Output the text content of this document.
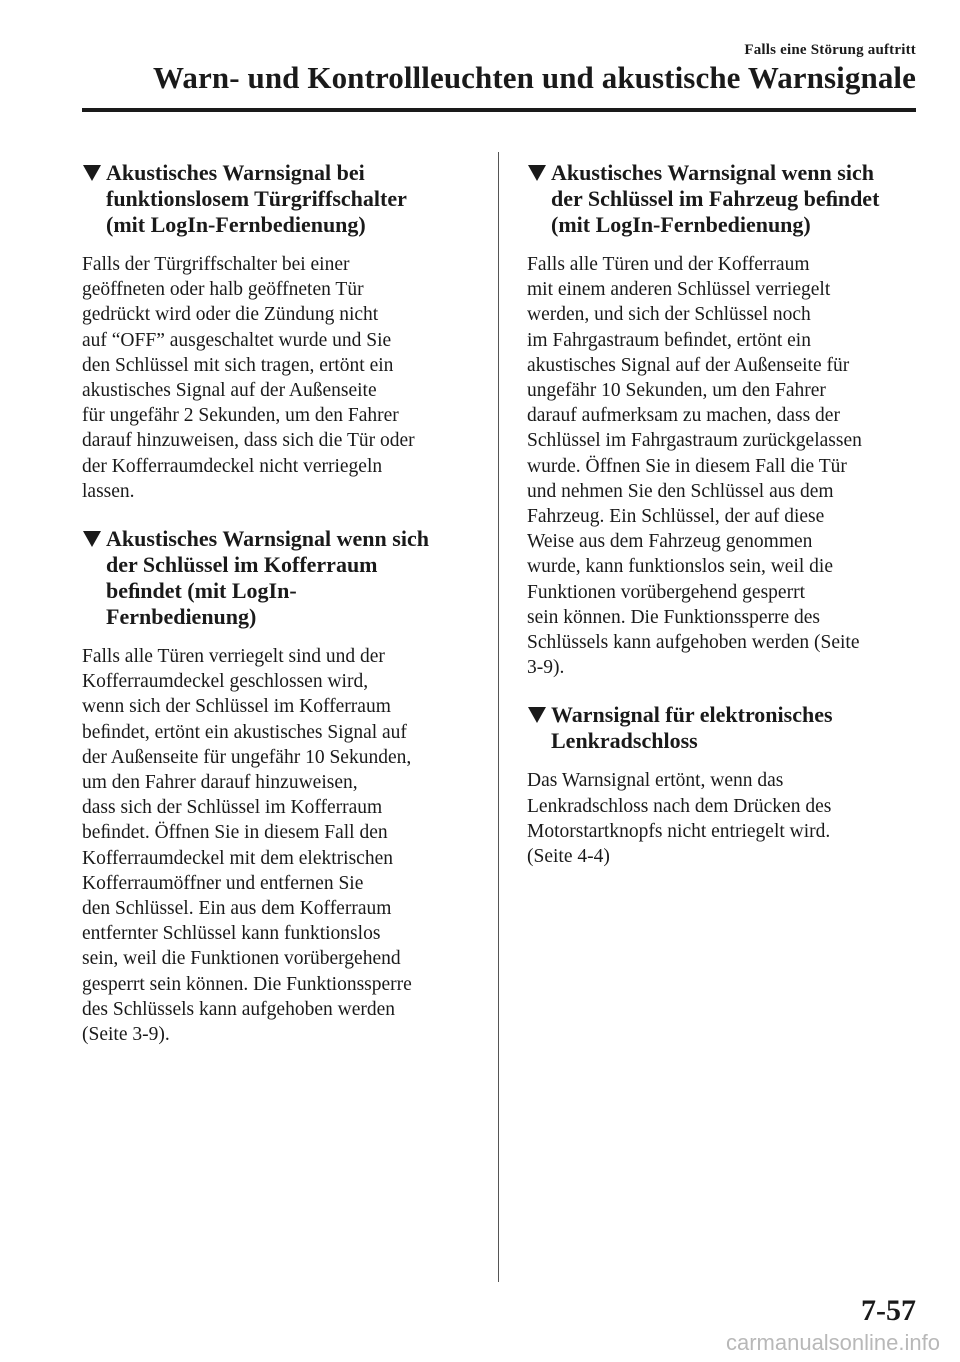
Falls eine Störung auftritt
Warn- und Kontrollleuchten und akustische Warnsignale
Akustisches Warnsignal bei
funktionslosem Türgriffschalter
(mit LogIn-Fernbedienung)

Falls der Türgriffschalter bei einer
geöffneten oder halb geöffneten Tür
gedrückt wird oder die Zündung nicht
auf “OFF” ausgeschaltet wurde und Sie
den Schlüssel mit sich tragen, ertönt ein
akustisches Signal auf der Außenseite
für ungefähr 2 Sekunden, um den Fahrer
darauf hinzuweisen, dass sich die Tür oder
der Kofferraumdeckel nicht verriegeln
lassen.

Akustisches Warnsignal wenn sich
der Schlüssel im Kofferraum
beﬁndet (mit LogIn-
Fernbedienung)

Falls alle Türen verriegelt sind und der
Kofferraumdeckel geschlossen wird,
wenn sich der Schlüssel im Kofferraum
beﬁndet, ertönt ein akustisches Signal auf
der Außenseite für ungefähr 10 Sekunden,
um den Fahrer darauf hinzuweisen,
dass sich der Schlüssel im Kofferraum
beﬁndet. Öffnen Sie in diesem Fall den
Kofferraumdeckel mit dem elektrischen
Kofferraumöffner und entfernen Sie
den Schlüssel. Ein aus dem Kofferraum
entfernter Schlüssel kann funktionslos
sein, weil die Funktionen vorübergehend
gesperrt sein können. Die Funktionssperre
des Schlüssels kann aufgehoben werden
(Seite 3-9).

Akustisches Warnsignal wenn sich
der Schlüssel im Fahrzeug beﬁndet
(mit LogIn-Fernbedienung)

Falls alle Türen und der Kofferraum
mit einem anderen Schlüssel verriegelt
werden, und sich der Schlüssel noch
im Fahrgastraum beﬁndet, ertönt ein
akustisches Signal auf der Außenseite für
ungefähr 10 Sekunden, um den Fahrer
darauf aufmerksam zu machen, dass der
Schlüssel im Fahrgastraum zurückgelassen
wurde. Öffnen Sie in diesem Fall die Tür
und nehmen Sie den Schlüssel aus dem
Fahrzeug. Ein Schlüssel, der auf diese
Weise aus dem Fahrzeug genommen
wurde, kann funktionslos sein, weil die
Funktionen vorübergehend gesperrt
sein können. Die Funktionssperre des
Schlüssels kann aufgehoben werden (Seite
3-9).

Warnsignal für elektronisches
Lenkradschloss

Das Warnsignal ertönt, wenn das
Lenkradschloss nach dem Drücken des
Motorstartknopfs nicht entriegelt wird.
(Seite 4-4)

7-57
carmanualsonline.info
